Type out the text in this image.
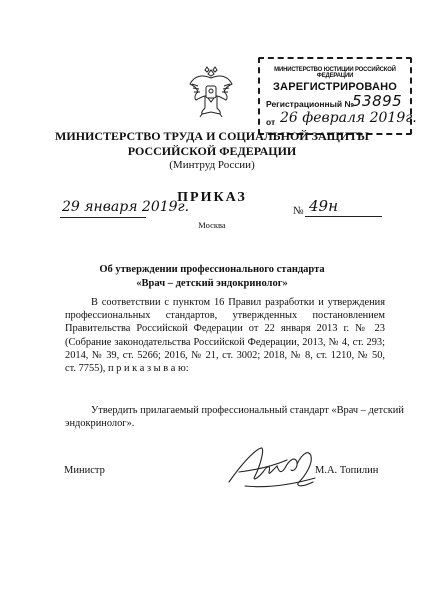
МИНИСТЕРСТВО ЮСТИЦИИ РОССИЙСКОЙ ФЕДЕРАЦИИ
ЗАРЕГИСТРИРОВАНО
Регистрационный №
53895
от 26 февраля 2019г.
МИНИСТЕРСТВО ТРУДА И СОЦИАЛЬНОЙ ЗАЩИТЫ
РОССИЙСКОЙ ФЕДЕРАЦИИ
(Минтруд России)
ПРИКАЗ
29 января 2019г.
Москва
№ 49н
Об утверждении профессионального стандарта
«Врач – детский эндокринолог»
В соответствии с пунктом 16 Правил разработки и утверждения
профессиональных стандартов, утвержденных постановлением
Правительства Российской Федерации от 22 января 2013 г. № 23
(Собрание законодательства Российской Федерации, 2013, № 4, ст. 293;
2014, № 39, ст. 5266; 2016, № 21, ст. 3002; 2018, № 8, ст. 1210, № 50,
ст. 7755), п р и к а з ы в а ю:
Утвердить прилагаемый профессиональный стандарт «Врач – детский
эндокринолог».
Министр	М.А. Топилин
